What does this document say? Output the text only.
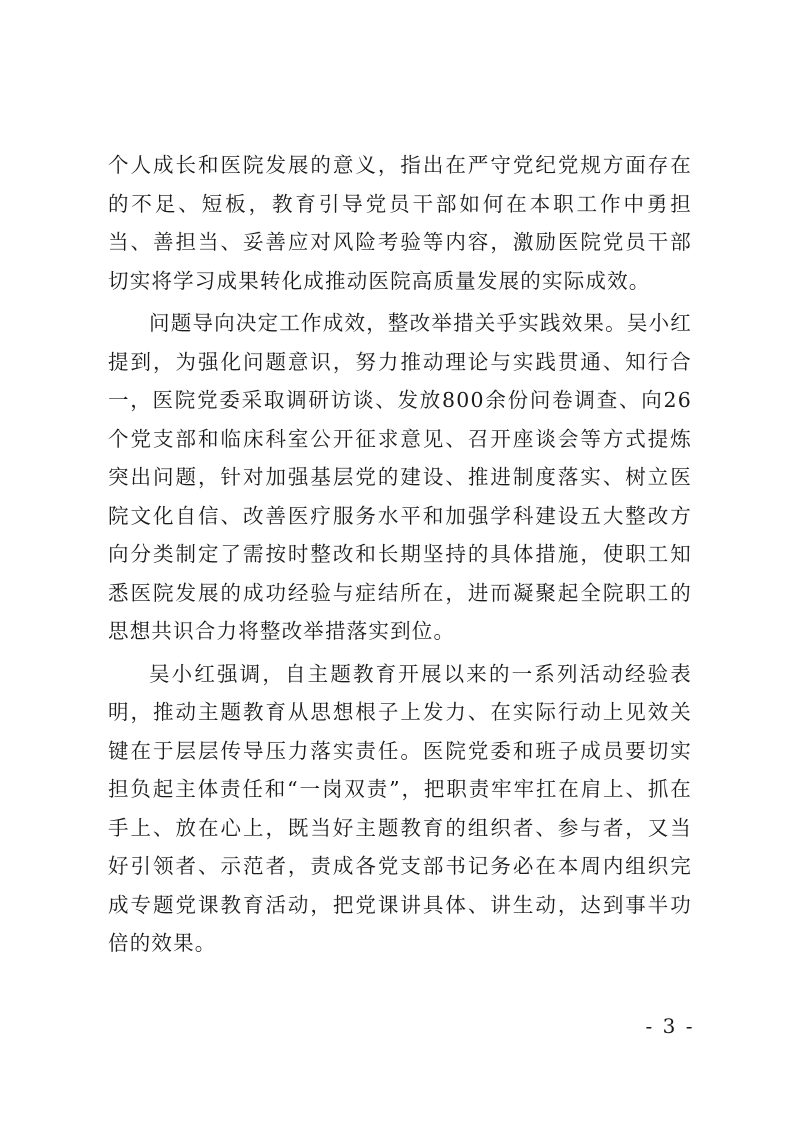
个人成长和医院发展的意义，指出在严守党纪党规方面存在的不足、短板，教育引导党员干部如何在本职工作中勇担当、善担当、妥善应对风险考验等内容，激励医院党员干部切实将学习成果转化成推动医院高质量发展的实际成效。

问题导向决定工作成效，整改举措关乎实践效果。吴小红提到，为强化问题意识，努力推动理论与实践贯通、知行合一，医院党委采取调研访谈、发放800余份问卷调查、向26个党支部和临床科室公开征求意见、召开座谈会等方式提炼突出问题，针对加强基层党的建设、推进制度落实、树立医院文化自信、改善医疗服务水平和加强学科建设五大整改方向分类制定了需按时整改和长期坚持的具体措施，使职工知悉医院发展的成功经验与症结所在，进而凝聚起全院职工的思想共识合力将整改举措落实到位。

吴小红强调，自主题教育开展以来的一系列活动经验表明，推动主题教育从思想根子上发力、在实际行动上见效关键在于层层传导压力落实责任。医院党委和班子成员要切实担负起主体责任和“一岗双责”，把职责牢牢扛在肩上、抓在手上、放在心上，既当好主题教育的组织者、参与者，又当好引领者、示范者，责成各党支部书记务必在本周内组织完成专题党课教育活动，把党课讲具体、讲生动，达到事半功倍的效果。

- 3 -
